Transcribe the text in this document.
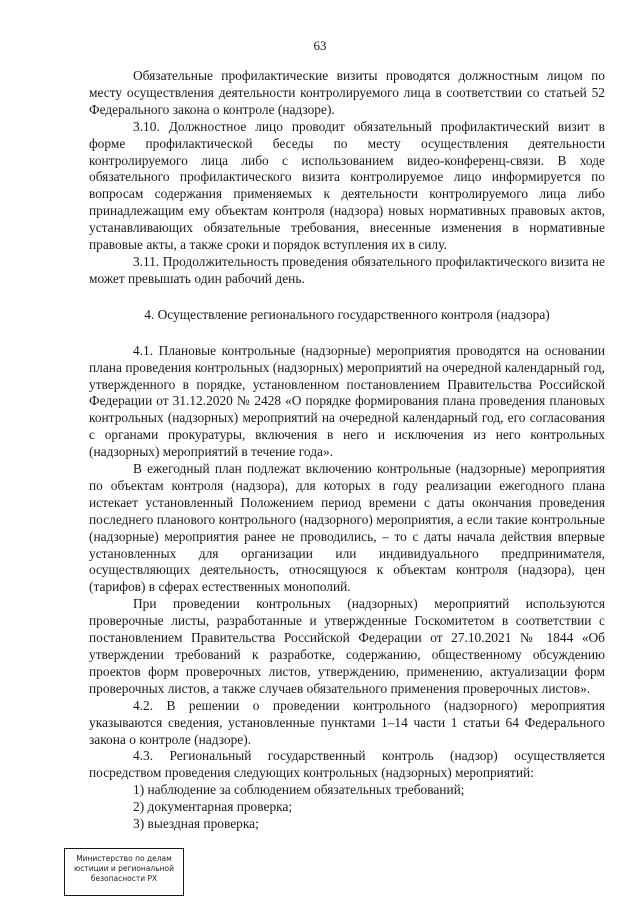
63

Обязательные профилактические визиты проводятся должностным лицом по месту осуществления деятельности контролируемого лица в соответствии со статьей 52 Федерального закона о контроле (надзоре).

3.10. Должностное лицо проводит обязательный профилактический визит в форме профилактической беседы по месту осуществления деятельности контролируемого лица либо с использованием видео-конференц-связи. В ходе обязательного профилактического визита контролируемое лицо информируется по вопросам содержания применяемых к деятельности контролируемого лица либо принадлежащим ему объектам контроля (надзора) новых нормативных правовых актов, устанавливающих обязательные требования, внесенные изменения в нормативные правовые акты, а также сроки и порядок вступления их в силу.

3.11. Продолжительность проведения обязательного профилактического визита не может превышать один рабочий день.

4. Осуществление регионального государственного контроля (надзора)

4.1. Плановые контрольные (надзорные) мероприятия проводятся на основании плана проведения контрольных (надзорных) мероприятий на очередной календарный год, утвержденного в порядке, установленном постановлением Правительства Российской Федерации от 31.12.2020 № 2428 «О порядке формирования плана проведения плановых контрольных (надзорных) мероприятий на очередной календарный год, его согласования с органами прокуратуры, включения в него и исключения из него контрольных (надзорных) мероприятий в течение года».

В ежегодный план подлежат включению контрольные (надзорные) мероприятия по объектам контроля (надзора), для которых в году реализации ежегодного плана истекает установленный Положением период времени с даты окончания проведения последнего планового контрольного (надзорного) мероприятия, а если такие контрольные (надзорные) мероприятия ранее не проводились, – то с даты начала действия впервые установленных для организации или индивидуального предпринимателя, осуществляющих деятельность, относящуюся к объектам контроля (надзора), цен (тарифов) в сферах естественных монополий.

При проведении контрольных (надзорных) мероприятий используются проверочные листы, разработанные и утвержденные Госкомитетом в соответствии с постановлением Правительства Российской Федерации от 27.10.2021 № 1844 «Об утверждении требований к разработке, содержанию, общественному обсуждению проектов форм проверочных листов, утверждению, применению, актуализации форм проверочных листов, а также случаев обязательного применения проверочных листов».

4.2. В решении о проведении контрольного (надзорного) мероприятия указываются сведения, установленные пунктами 1–14 части 1 статьи 64 Федерального закона о контроле (надзоре).

4.3. Региональный государственный контроль (надзор) осуществляется посредством проведения следующих контрольных (надзорных) мероприятий:

1) наблюдение за соблюдением обязательных требований;

2) документарная проверка;

3) выездная проверка;

Министерство по делам
юстиции и региональной
безопасности РХ
